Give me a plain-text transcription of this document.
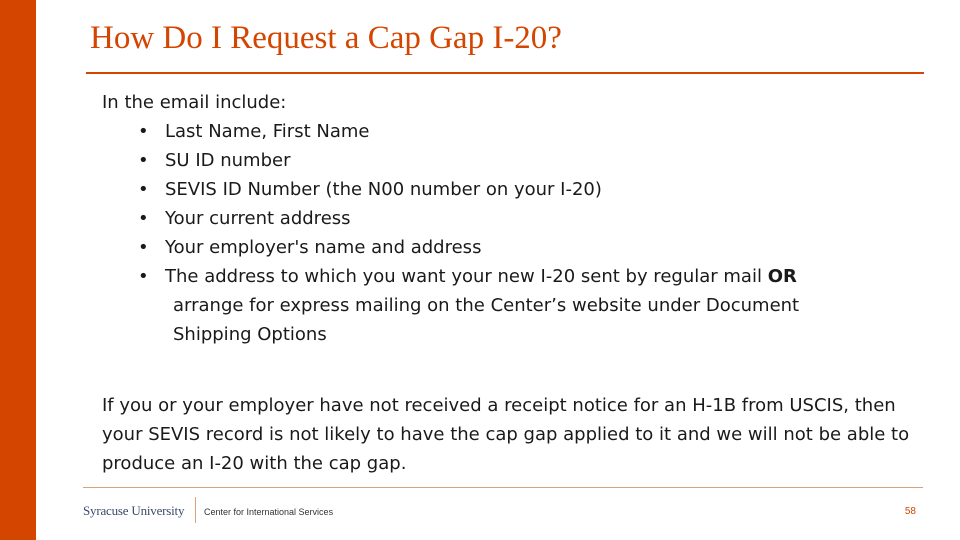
How Do I Request a Cap Gap I-20?

In the email include:

• Last Name, First Name
• SU ID number
• SEVIS ID Number (the N00 number on your I-20)
• Your current address
• Your employer's name and address
• The address to which you want your new I-20 sent by regular mail OR
arrange for express mailing on the Center’s website under Document
Shipping Options

If you or your employer have not received a receipt notice for an H-1B from USCIS, then your SEVIS record is not likely to have the cap gap applied to it and we will not be able to produce an I-20 with the cap gap.

Syracuse University Center for International Services	58
